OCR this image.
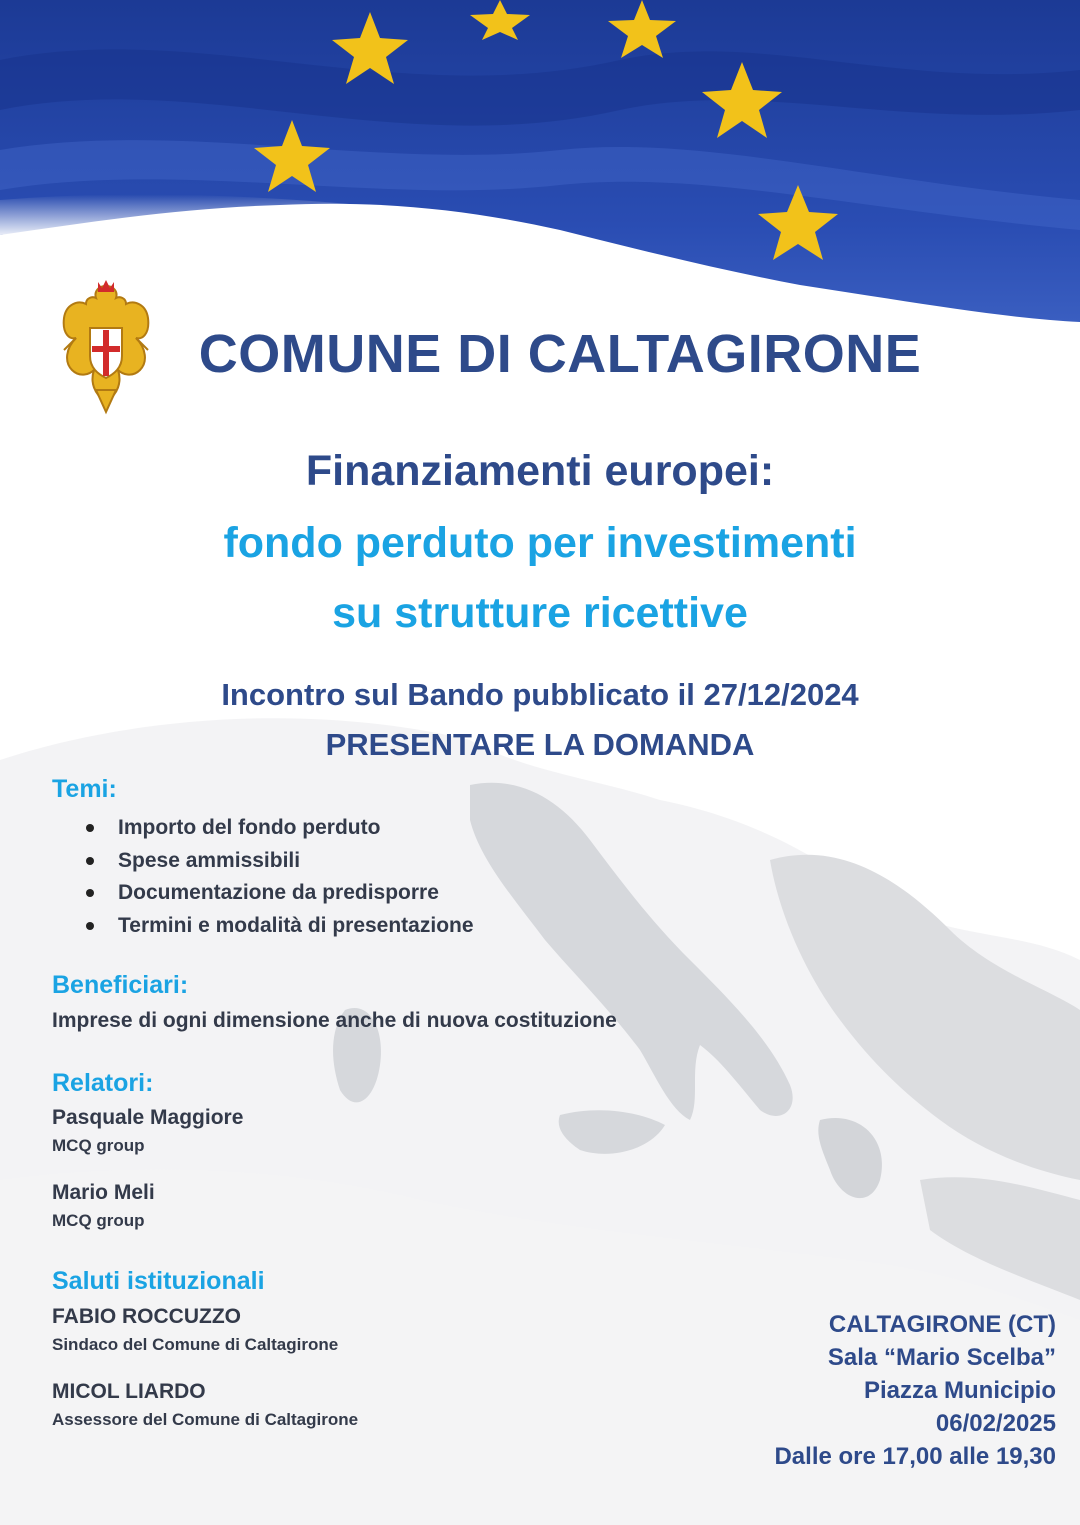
COMUNE DI CALTAGIRONE
Finanziamenti europei:
fondo perduto per investimenti
su strutture ricettive
Incontro sul Bando pubblicato il 27/12/2024
PRESENTARE LA DOMANDA
Temi:
Importo del fondo perduto
Spese ammissibili
Documentazione da predisporre
Termini e modalità di presentazione
Beneficiari:
Imprese di ogni dimensione anche di nuova costituzione
Relatori:
Pasquale Maggiore
MCQ group
Mario Meli
MCQ group
Saluti istituzionali
FABIO ROCCUZZO
Sindaco del Comune di Caltagirone
MICOL LIARDO
Assessore del Comune di Caltagirone
CALTAGIRONE (CT)
Sala “Mario Scelba”
Piazza Municipio
06/02/2025
Dalle ore 17,00 alle 19,30
